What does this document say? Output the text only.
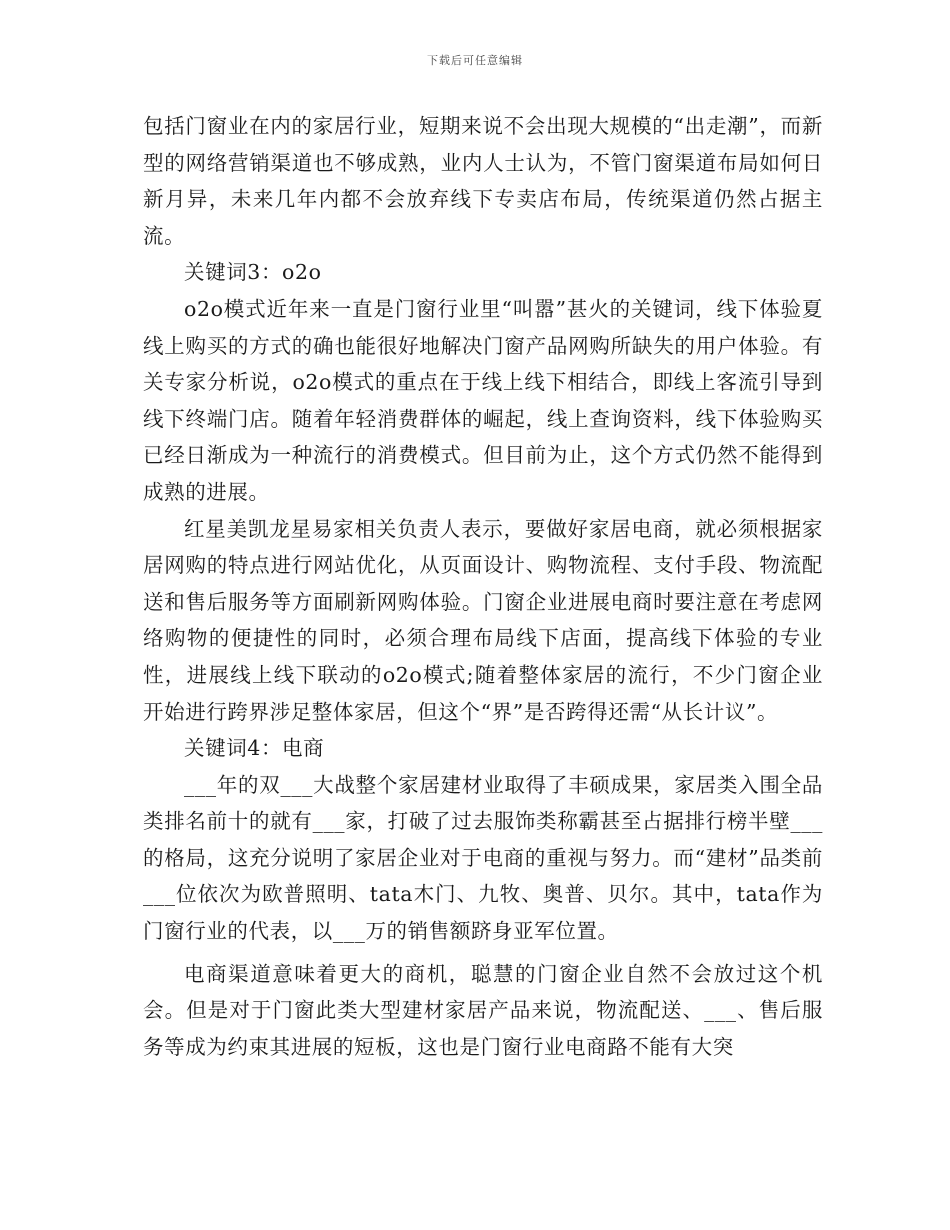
下载后可任意编辑

包括门窗业在内的家居行业，短期来说不会出现大规模的“出走潮”，而新型的网络营销渠道也不够成熟，业内人士认为，不管门窗渠道布局如何日新月异，未来几年内都不会放弃线下专卖店布局，传统渠道仍然占据主流。

关键词3：o2o

o2o模式近年来一直是门窗行业里“叫嚣”甚火的关键词，线下体验夏线上购买的方式的确也能很好地解决门窗产品网购所缺失的用户体验。有关专家分析说，o2o模式的重点在于线上线下相结合，即线上客流引导到线下终端门店。随着年轻消费群体的崛起，线上查询资料，线下体验购买已经日渐成为一种流行的消费模式。但目前为止，这个方式仍然不能得到成熟的进展。

红星美凯龙星易家相关负责人表示，要做好家居电商，就必须根据家居网购的特点进行网站优化，从页面设计、购物流程、支付手段、物流配送和售后服务等方面刷新网购体验。门窗企业进展电商时要注意在考虑网络购物的便捷性的同时，必须合理布局线下店面，提高线下体验的专业性，进展线上线下联动的o2o模式;随着整体家居的流行，不少门窗企业开始进行跨界涉足整体家居，但这个“界”是否跨得还需“从长计议”。

关键词4：电商

___年的双___大战整个家居建材业取得了丰硕成果，家居类入围全品类排名前十的就有___家，打破了过去服饰类称霸甚至占据排行榜半壁___的格局，这充分说明了家居企业对于电商的重视与努力。而“建材”品类前___位依次为欧普照明、tata木门、九牧、奥普、贝尔。其中，tata作为门窗行业的代表，以___万的销售额跻身亚军位置。

电商渠道意味着更大的商机，聪慧的门窗企业自然不会放过这个机会。但是对于门窗此类大型建材家居产品来说，物流配送、___、售后服务等成为约束其进展的短板，这也是门窗行业电商路不能有大突
